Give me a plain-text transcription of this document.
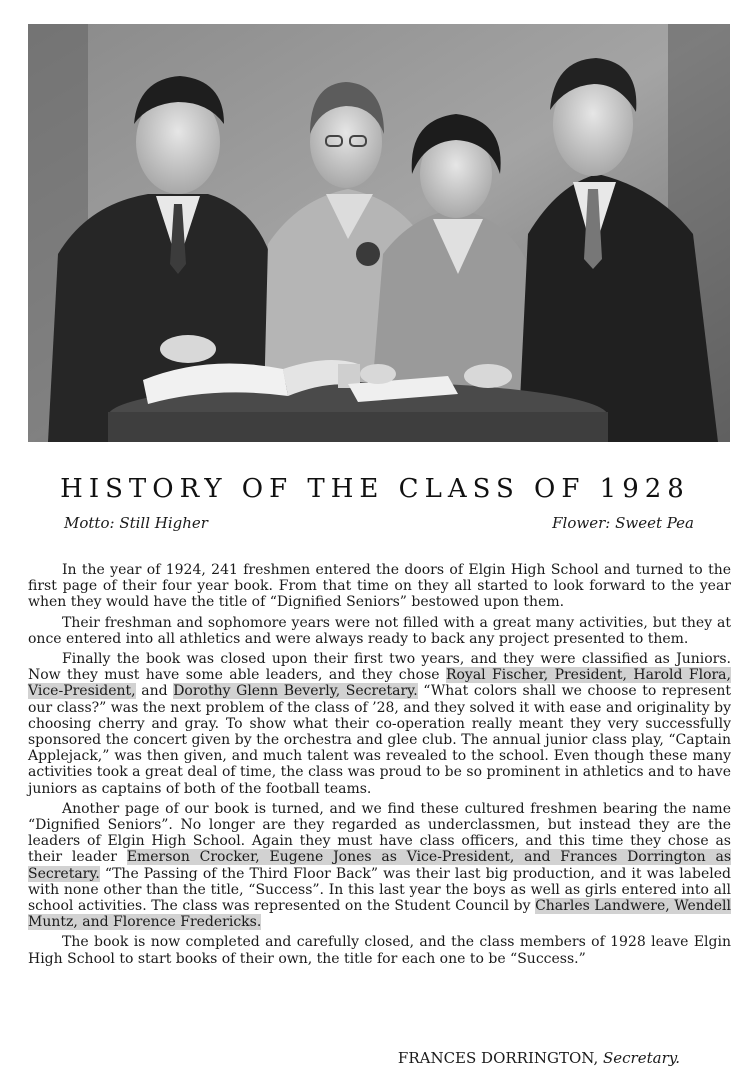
HISTORY OF THE CLASS OF 1928
Motto: Still Higher	Flower: Sweet Pea

In the year of 1924, 241 freshmen entered the doors of Elgin High School and turned to the first page of their four year book. From that time on they all started to look forward to the year when they would have the title of “Dignified Seniors” bestowed upon them.

Their freshman and sophomore years were not filled with a great many activities, but they at once entered into all athletics and were always ready to back any project presented to them.

Finally the book was closed upon their first two years, and they were classified as Juniors. Now they must have some able leaders, and they chose Royal Fischer, President, Harold Flora, Vice-President, and Dorothy Glenn Beverly, Secretary. “What colors shall we choose to represent our class?” was the next problem of the class of ’28, and they solved it with ease and originality by choosing cherry and gray. To show what their co-operation really meant they very successfully sponsored the concert given by the orchestra and glee club. The annual junior class play, “Captain Applejack,” was then given, and much talent was revealed to the school. Even though these many activities took a great deal of time, the class was proud to be so prominent in athletics and to have juniors as captains of both of the football teams.

Another page of our book is turned, and we find these cultured freshmen bearing the name “Dignified Seniors”. No longer are they regarded as underclassmen, but instead they are the leaders of Elgin High School. Again they must have class officers, and this time they chose as their leader Emerson Crocker, Eugene Jones as Vice-President, and Frances Dorrington as Secretary. “The Passing of the Third Floor Back” was their last big production, and it was labeled with none other than the title, “Success”. In this last year the boys as well as girls entered into all school activities. The class was represented on the Student Council by Charles Landwere, Wendell Muntz, and Florence Fredericks.

The book is now completed and carefully closed, and the class members of 1928 leave Elgin High School to start books of their own, the title for each one to be “Success.”

FRANCES DORRINGTON, Secretary.
